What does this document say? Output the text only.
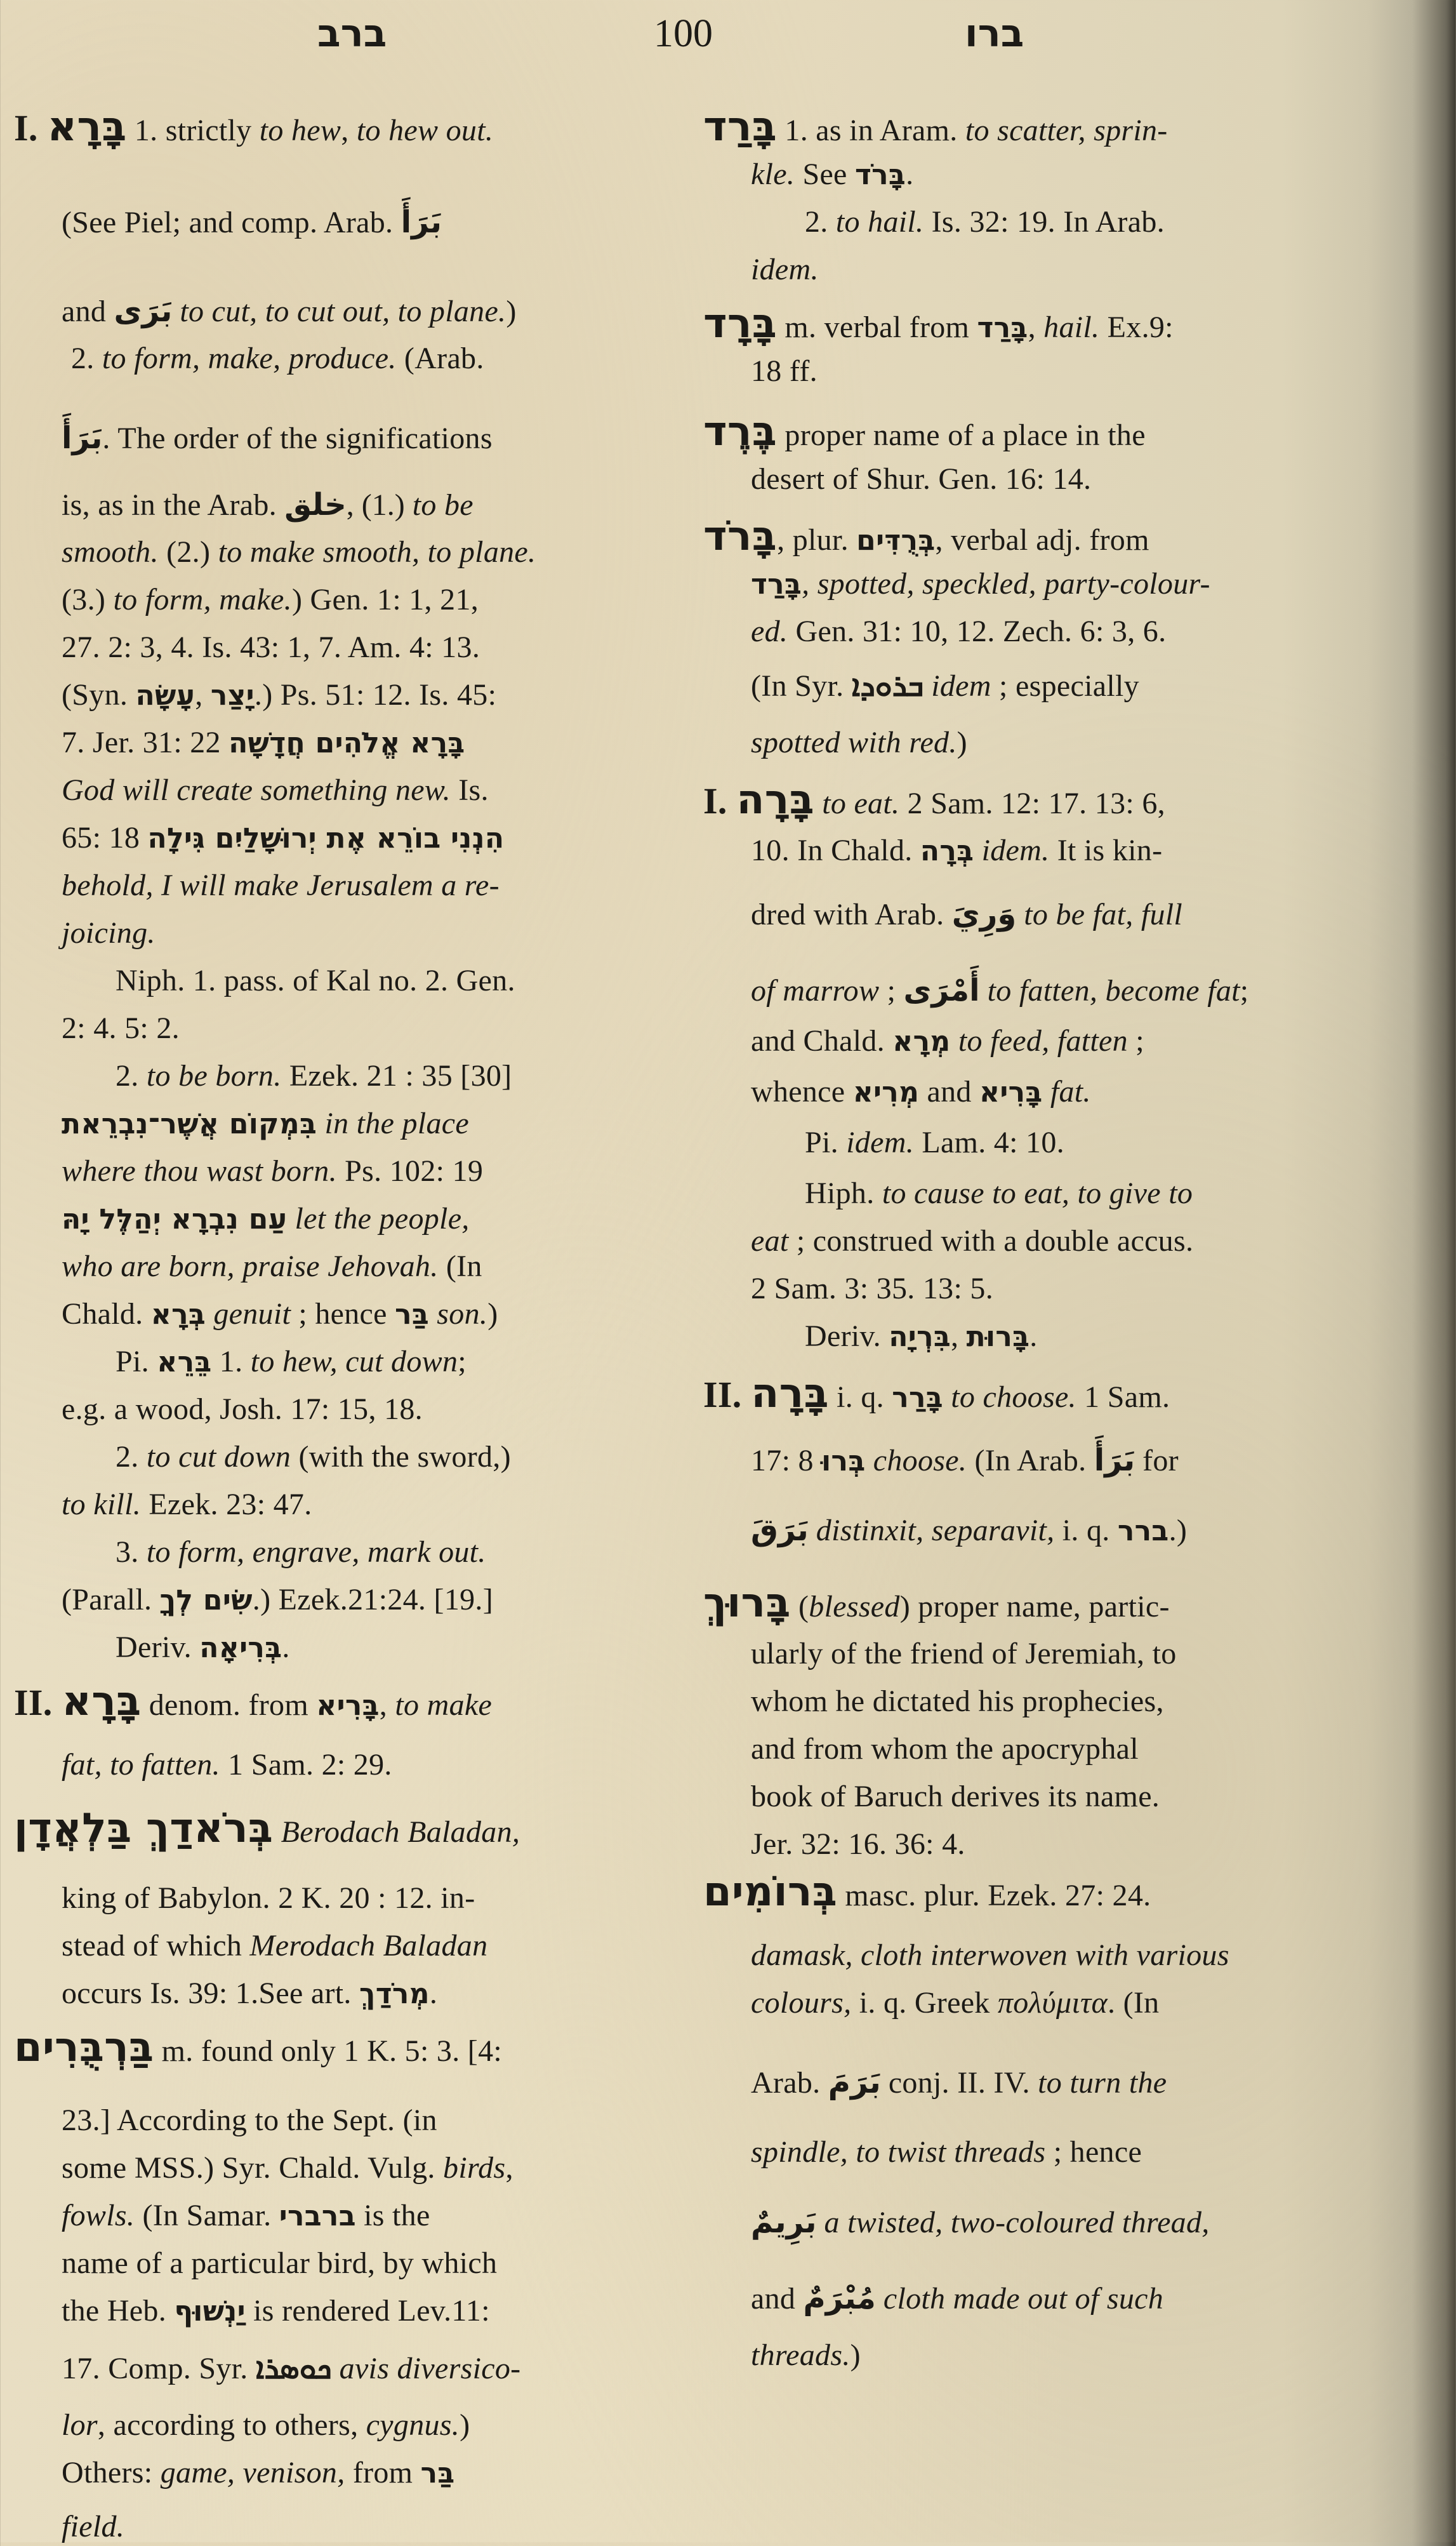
ברב	100	ברו
I. בָּרָא 1. strictly to hew, to hew out.
(See Piel; and comp. Arab. بَرَأَ
and بَرَى to cut, to cut out, to plane.)
2. to form, make, produce. (Arab.
بَرَأَ. The order of the significations
is, as in the Arab. خلق, (1.) to be
smooth. (2.) to make smooth, to plane.
(3.) to form, make.) Gen. 1: 1, 21,
27. 2: 3, 4. Is. 43: 1, 7. Am. 4: 13.
(Syn. עָשָׂה, יָצַר.) Ps. 51: 12. Is. 45:
7. Jer. 31: 22 בָּרָא אֱלֹהִים חֲדָשָׁה
God will create something new. Is.
65: 18 הִנְנִי בוֹרֵא אֶת יְרוּשָׁלַיִם גִּילָה
behold, I will make Jerusalem a re-
joicing.
Niph. 1. pass. of Kal no. 2. Gen.
2: 4. 5: 2.
2. to be born. Ezek. 21 : 35 [30]
בִּמְקוֹם אֲשֶׁר־נִבְרֵאת in the place
where thou wast born. Ps. 102: 19
עַם נִבְרָא יְהַלֶּל יָהּ let the people,
who are born, praise Jehovah. (In
Chald. בְּרָא genuit ; hence בַּר son.)
Pi. בֵּרֵא 1. to hew, cut down;
e.g. a wood, Josh. 17: 15, 18.
2. to cut down (with the sword,)
to kill. Ezek. 23: 47.
3. to form, engrave, mark out.
(Parall. שִׂים לְךָ.) Ezek.21:24. [19.]
Deriv. בְּרִיאָה.
II. בָּרָא denom. from בָּרִיא, to make
fat, to fatten. 1 Sam. 2: 29.
בְּרֹאדַךְ בַּלְאֲדָן Berodach Baladan,
king of Babylon. 2 K. 20 : 12. in-
stead of which Merodach Baladan
occurs Is. 39: 1.See art. מְרֹדַךְ.
בַּרְבֻּרִים m. found only 1 K. 5: 3. [4:
23.] According to the Sept. (in
some MSS.) Syr. Chald. Vulg. birds,
fowls. (In Samar. ברברי is the
name of a particular bird, by which
the Heb. יַנְשׁוּף is rendered Lev.11:
17. Comp. Syr. ܟܘܣܪܐ avis diversico-
lor, according to others, cygnus.)
Others: game, venison, from בַּר
field.
בָּרַד 1. as in Aram. to scatter, sprin-
kle. See בָּרֹד.
2. to hail. Is. 32: 19. In Arab.
idem.
בָּרָד m. verbal from בָּרַד, hail. Ex.9:
18 ff.
בֶּרֶד proper name of a place in the
desert of Shur. Gen. 16: 14.
בָּרֹד, plur. בְּרֻדִּים, verbal adj. from
בָּרַד, spotted, speckled, party-colour-
ed. Gen. 31: 10, 12. Zech. 6: 3, 6.
(In Syr. ܒܪܘܕܐ idem ; especially
spotted with red.)
I. בָּרָה to eat. 2 Sam. 12: 17. 13: 6,
10. In Chald. בְּרָה idem. It is kin-
dred with Arab. وَرِيَ to be fat, full
of marrow ; أَمْرَى to fatten, become fat;
and Chald. מְרָא to feed, fatten ;
whence מְרִיא and בָּרִיא fat.
Pi. idem. Lam. 4: 10.
Hiph. to cause to eat, to give to
eat ; construed with a double accus.
2 Sam. 3: 35. 13: 5.
Deriv. בִּרְיָה, בָּרוּת.
II. בָּרָה i. q. בָּרַר to choose. 1 Sam.
17: 8 בְּרוּ choose. (In Arab. بَرَأَ for
بَرَقَ distinxit, separavit, i. q. ברר.)
בָּרוּךְ (blessed) proper name, partic-
ularly of the friend of Jeremiah, to
whom he dictated his prophecies,
and from whom the apocryphal
book of Baruch derives its name.
Jer. 32: 16. 36: 4.
בְּרוֹמִים masc. plur. Ezek. 27: 24.
damask, cloth interwoven with various
colours, i. q. Greek πολύμιτα. (In
Arab. بَرَمَ conj. II. IV. to turn the
spindle, to twist threads ; hence
بَرِيمٌ a twisted, two-coloured thread,
and مُبْرَمٌ cloth made out of such
threads.)
